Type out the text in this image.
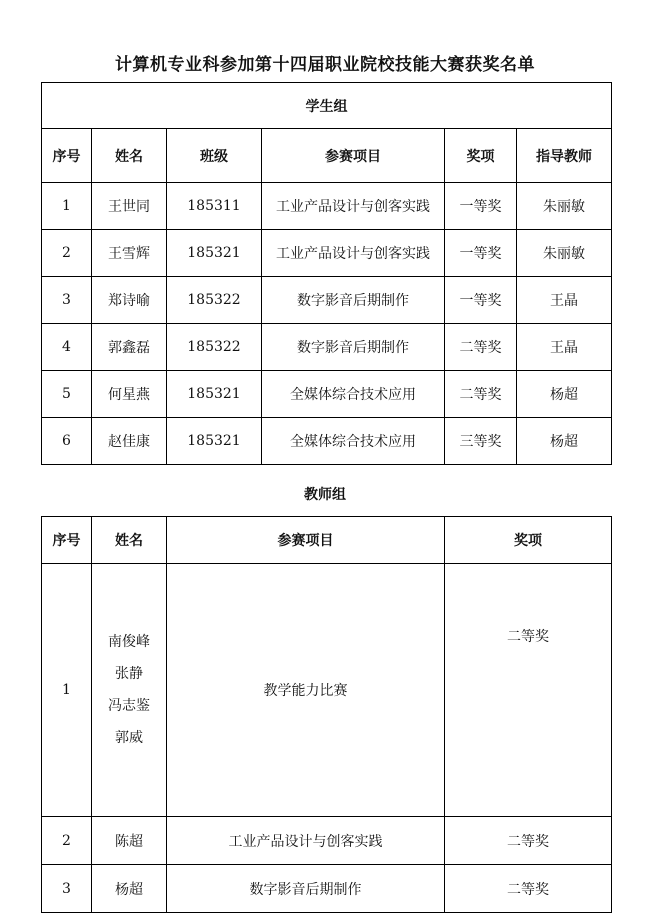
计算机专业科参加第十四届职业院校技能大赛获奖名单
学生组					
序号	姓名	班级	参赛项目	奖项	指导教师
1	王世同	185311	工业产品设计与创客实践	一等奖	朱丽敏
2	王雪辉	185321	工业产品设计与创客实践	一等奖	朱丽敏
3	郑诗喻	185322	数字影音后期制作	一等奖	王晶
4	郭鑫磊	185322	数字影音后期制作	二等奖	王晶
5	何星燕	185321	全媒体综合技术应用	二等奖	杨超
6	赵佳康	185321	全媒体综合技术应用	三等奖	杨超
教师组
序号	姓名	参赛项目	奖项
1	南俊峰
张静
冯志鉴
郭威	教学能力比赛	二等奖
2	陈超	工业产品设计与创客实践	二等奖
3	杨超	数字影音后期制作	二等奖
